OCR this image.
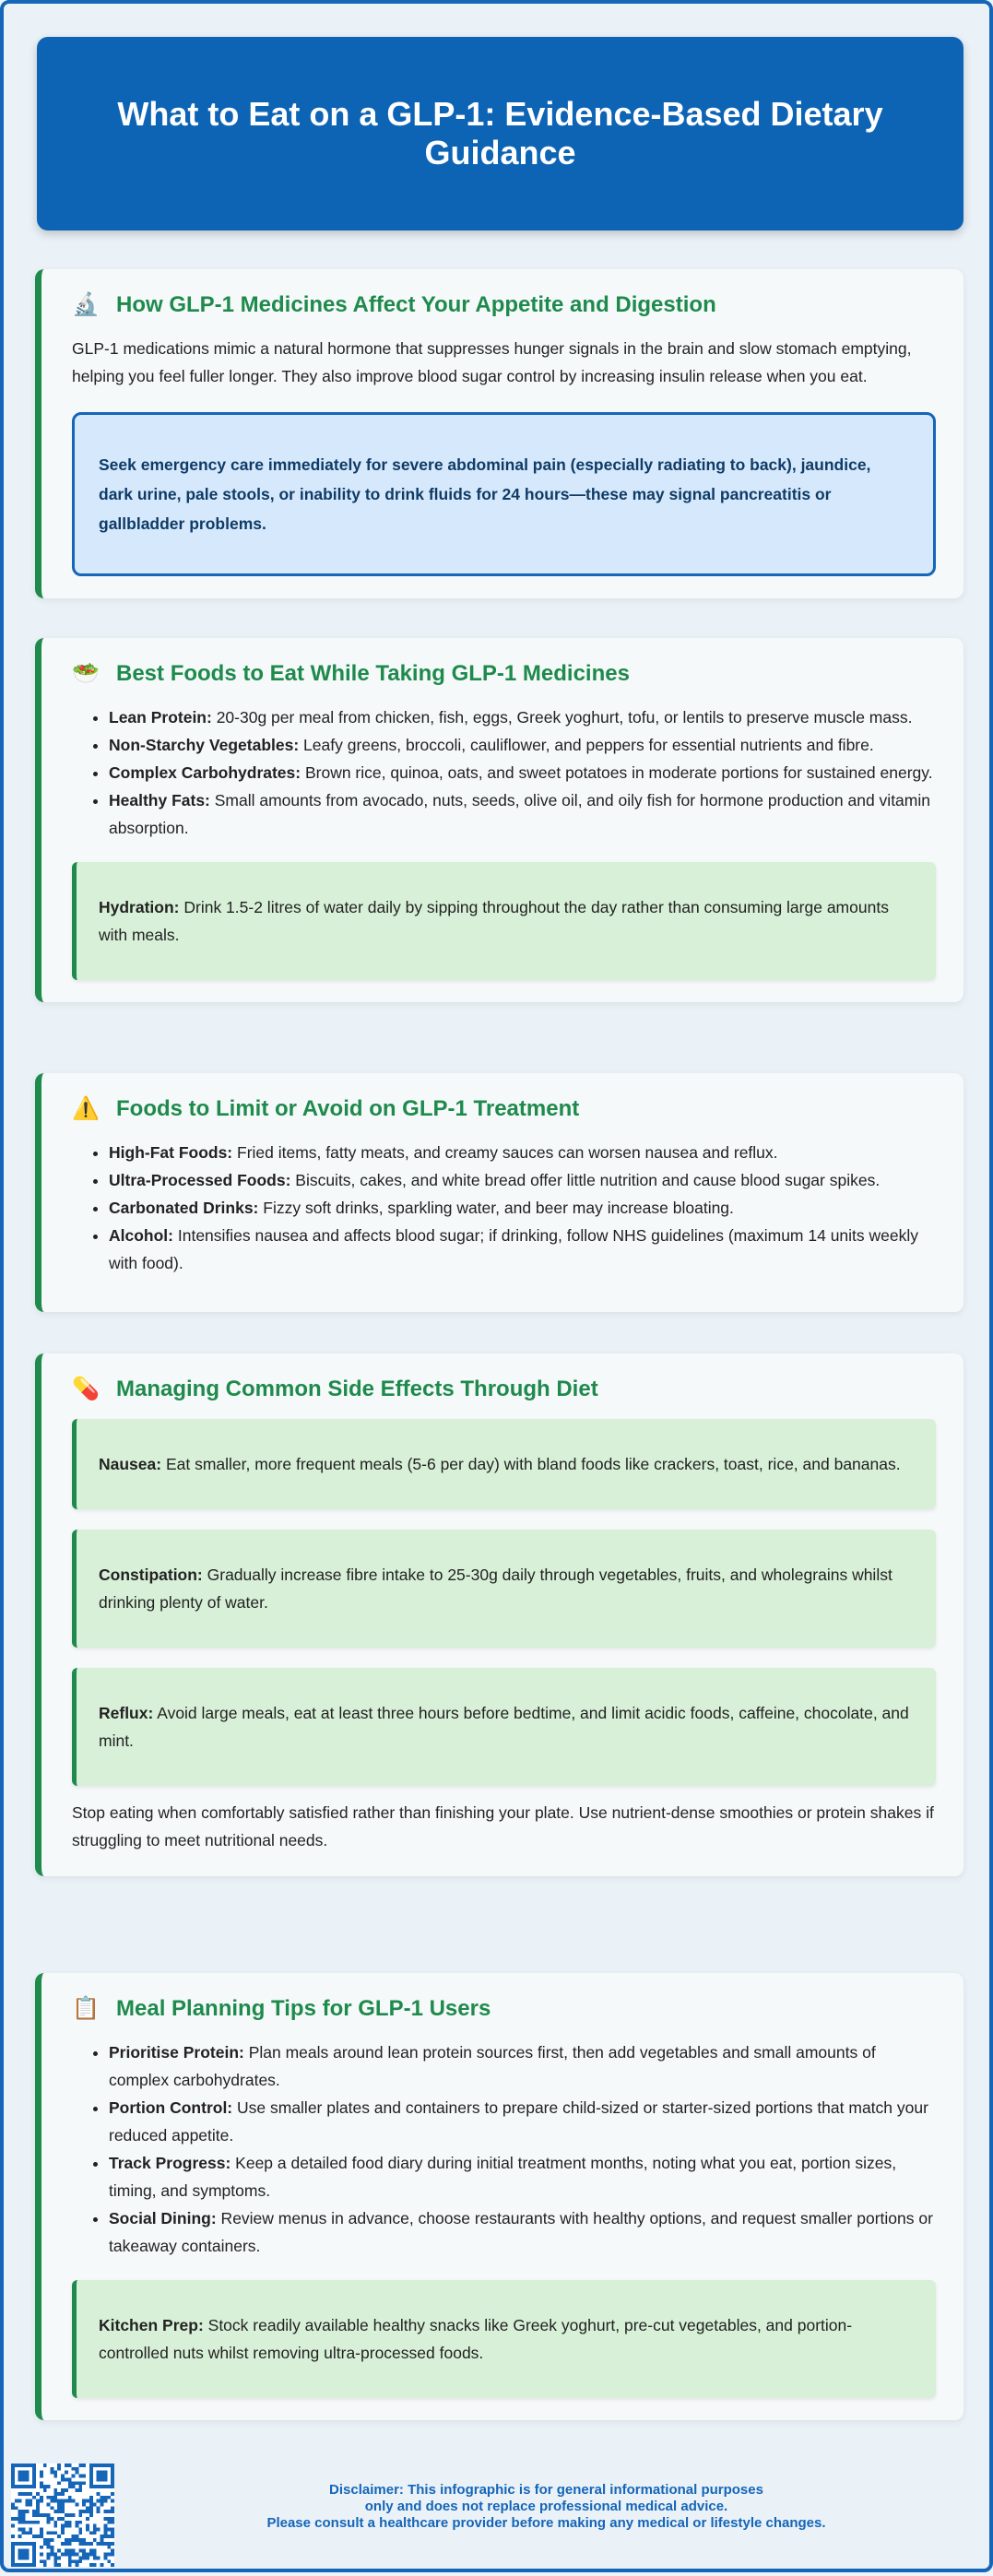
What to Eat on a GLP-1: Evidence-Based Dietary Guidance
🔬 How GLP-1 Medicines Affect Your Appetite and Digestion

GLP-1 medications mimic a natural hormone that suppresses hunger signals in the brain and slow stomach emptying, helping you feel fuller longer. They also improve blood sugar control by increasing insulin release when you eat.

Seek emergency care immediately for severe abdominal pain (especially radiating to back), jaundice, dark urine, pale stools, or inability to drink fluids for 24 hours—these may signal pancreatitis or gallbladder problems.
🥗 Best Foods to Eat While Taking GLP-1 Medicines
• Lean Protein: 20-30g per meal from chicken, fish, eggs, Greek yoghurt, tofu, or lentils to preserve muscle mass.
• Non-Starchy Vegetables: Leafy greens, broccoli, cauliflower, and peppers for essential nutrients and fibre.
• Complex Carbohydrates: Brown rice, quinoa, oats, and sweet potatoes in moderate portions for sustained energy.
• Healthy Fats: Small amounts from avocado, nuts, seeds, olive oil, and oily fish for hormone production and vitamin absorption.
Hydration: Drink 1.5-2 litres of water daily by sipping throughout the day rather than consuming large amounts with meals.
⚠️ Foods to Limit or Avoid on GLP-1 Treatment
• High-Fat Foods: Fried items, fatty meats, and creamy sauces can worsen nausea and reflux.
• Ultra-Processed Foods: Biscuits, cakes, and white bread offer little nutrition and cause blood sugar spikes.
• Carbonated Drinks: Fizzy soft drinks, sparkling water, and beer may increase bloating.
• Alcohol: Intensifies nausea and affects blood sugar; if drinking, follow NHS guidelines (maximum 14 units weekly with food).
💊 Managing Common Side Effects Through Diet
Nausea: Eat smaller, more frequent meals (5-6 per day) with bland foods like crackers, toast, rice, and bananas.
Constipation: Gradually increase fibre intake to 25-30g daily through vegetables, fruits, and wholegrains whilst drinking plenty of water.
Reflux: Avoid large meals, eat at least three hours before bedtime, and limit acidic foods, caffeine, chocolate, and mint.

Stop eating when comfortably satisfied rather than finishing your plate. Use nutrient-dense smoothies or protein shakes if struggling to meet nutritional needs.

📋 Meal Planning Tips for GLP-1 Users
• Prioritise Protein: Plan meals around lean protein sources first, then add vegetables and small amounts of complex carbohydrates.
• Portion Control: Use smaller plates and containers to prepare child-sized or starter-sized portions that match your reduced appetite.
• Track Progress: Keep a detailed food diary during initial treatment months, noting what you eat, portion sizes, timing, and symptoms.
• Social Dining: Review menus in advance, choose restaurants with healthy options, and request smaller portions or takeaway containers.
Kitchen Prep: Stock readily available healthy snacks like Greek yoghurt, pre-cut vegetables, and portion-controlled nuts whilst removing ultra-processed foods.
Disclaimer: This infographic is for general informational purposes
only and does not replace professional medical advice.
Please consult a healthcare provider before making any medical or lifestyle changes.
